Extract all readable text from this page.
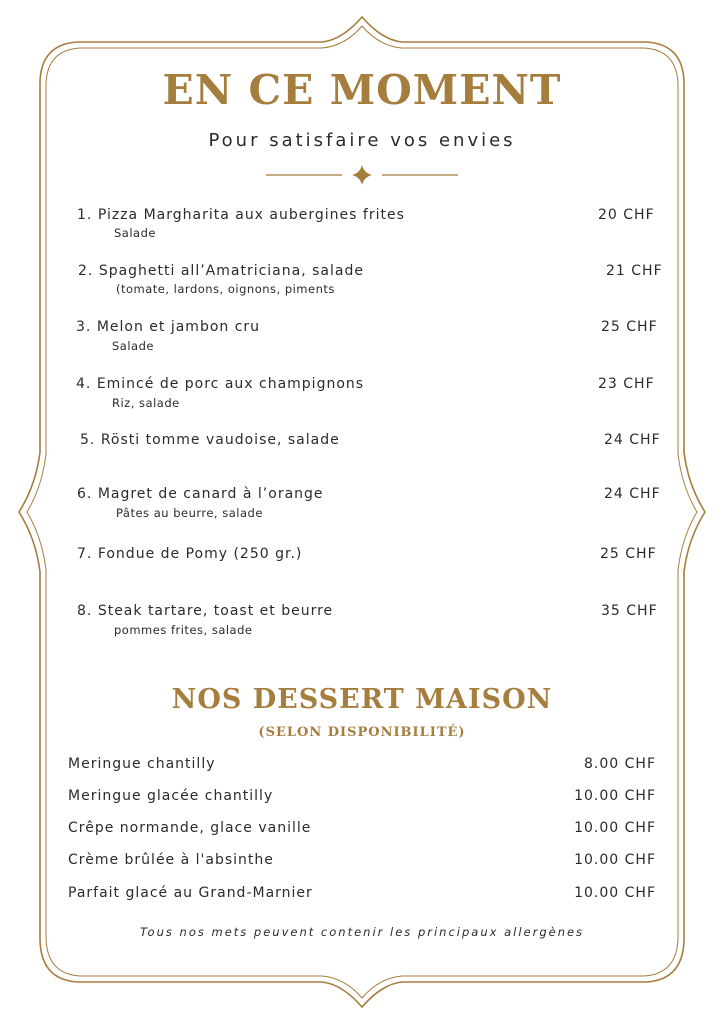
EN CE MOMENT
Pour satisfaire vos envies
1. Pizza Margharita aux aubergines frites
Salade
20 CHF
2. Spaghetti all’Amatriciana, salade
(tomate, lardons, oignons, piments
21 CHF
3. Melon et jambon cru
Salade
25 CHF
4. Emincé de porc aux champignons
Riz, salade
23 CHF
5. Rösti tomme vaudoise, salade	24 CHF
6. Magret de canard à l’orange
Pâtes au beurre, salade
24 CHF
7. Fondue de Pomy (250 gr.)	25 CHF
8. Steak tartare, toast et beurre
pommes frites, salade
35 CHF
NOS DESSERT MAISON
(SELON DISPONIBILITÉ)
Meringue chantilly	8.00 CHF
Meringue glacée chantilly	10.00 CHF
Crêpe normande, glace vanille	10.00 CHF
Crème brûlée à l'absinthe	10.00 CHF
Parfait glacé au Grand-Marnier	10.00 CHF
Tous nos mets peuvent contenir les principaux allergènes
